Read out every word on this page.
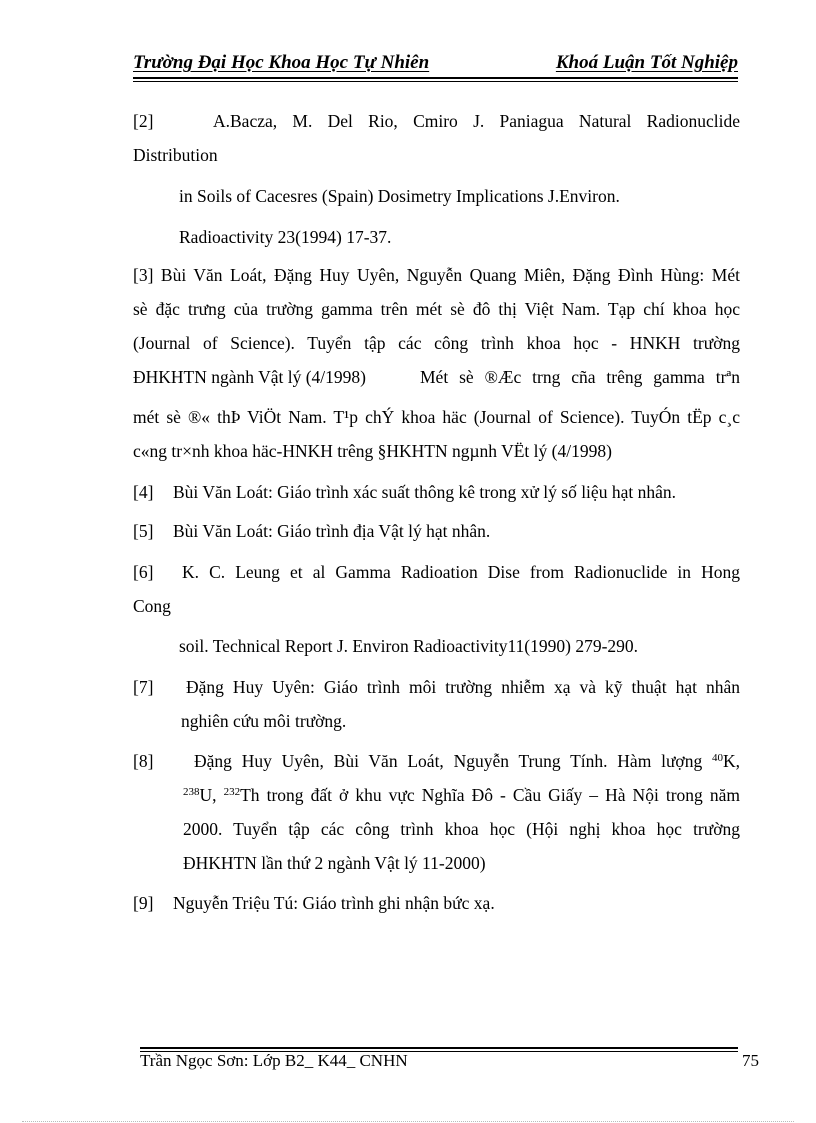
Trường Đại Học Khoa Học Tự Nhiên	Khoá Luận Tốt Nghiệp
[2]	A.Bacza, M. Del Rio, Cmiro J. Paniagua Natural Radionuclide
Distribution
in Soils of Cacesres (Spain) Dosimetry Implications J.Environ.
Radioactivity 23(1994) 17-37.
[3] Bùi Văn Loát, Đặng Huy Uyên, Nguyễn Quang Miên, Đặng Đình Hùng: Mét
sè đặc trưng của trường gamma trên mét sè đô thị Việt Nam. Tạp chí khoa học
(Journal of Science). Tuyển tập các công trình khoa học - HNKH trường
ĐHKHTN ngành Vật lý (4/1998)	Mét sè ®Æc trng cña trêng gamma trªn
mét sè ®« thÞ ViÖt Nam. T¹p chÝ khoa häc (Journal of Science). TuyÓn tËp c¸c
c«ng tr×nh khoa häc-HNKH trêng §HKHTN ngµnh VËt lý (4/1998)
[4] Bùi Văn Loát: Giáo trình xác suất thông kê trong xử lý số liệu hạt nhân.
[5] Bùi Văn Loát: Giáo trình địa Vật lý hạt nhân.
[6] K. C. Leung et al Gamma Radioation Dise from Radionuclide in Hong
Cong
soil. Technical Report J. Environ Radioactivity11(1990) 279-290.
[7] Đặng Huy Uyên: Giáo trình môi trường nhiễm xạ và kỹ thuật hạt nhân
nghiên cứu môi trường.
[8] Đặng Huy Uyên, Bùi Văn Loát, Nguyễn Trung Tính. Hàm lượng $^{40}$K,
$^{238}$U, $^{232}$Th trong đất ở khu vực Nghĩa Đô - Cầu Giấy – Hà Nội trong năm
2000. Tuyển tập các công trình khoa học (Hội nghị khoa học trường
ĐHKHTN lần thứ 2 ngành Vật lý 11-2000)
[9] Nguyễn Triệu Tú: Giáo trình ghi nhận bức xạ.
Trần Ngọc Sơn: Lớp B2_ K44_ CNHN	75
